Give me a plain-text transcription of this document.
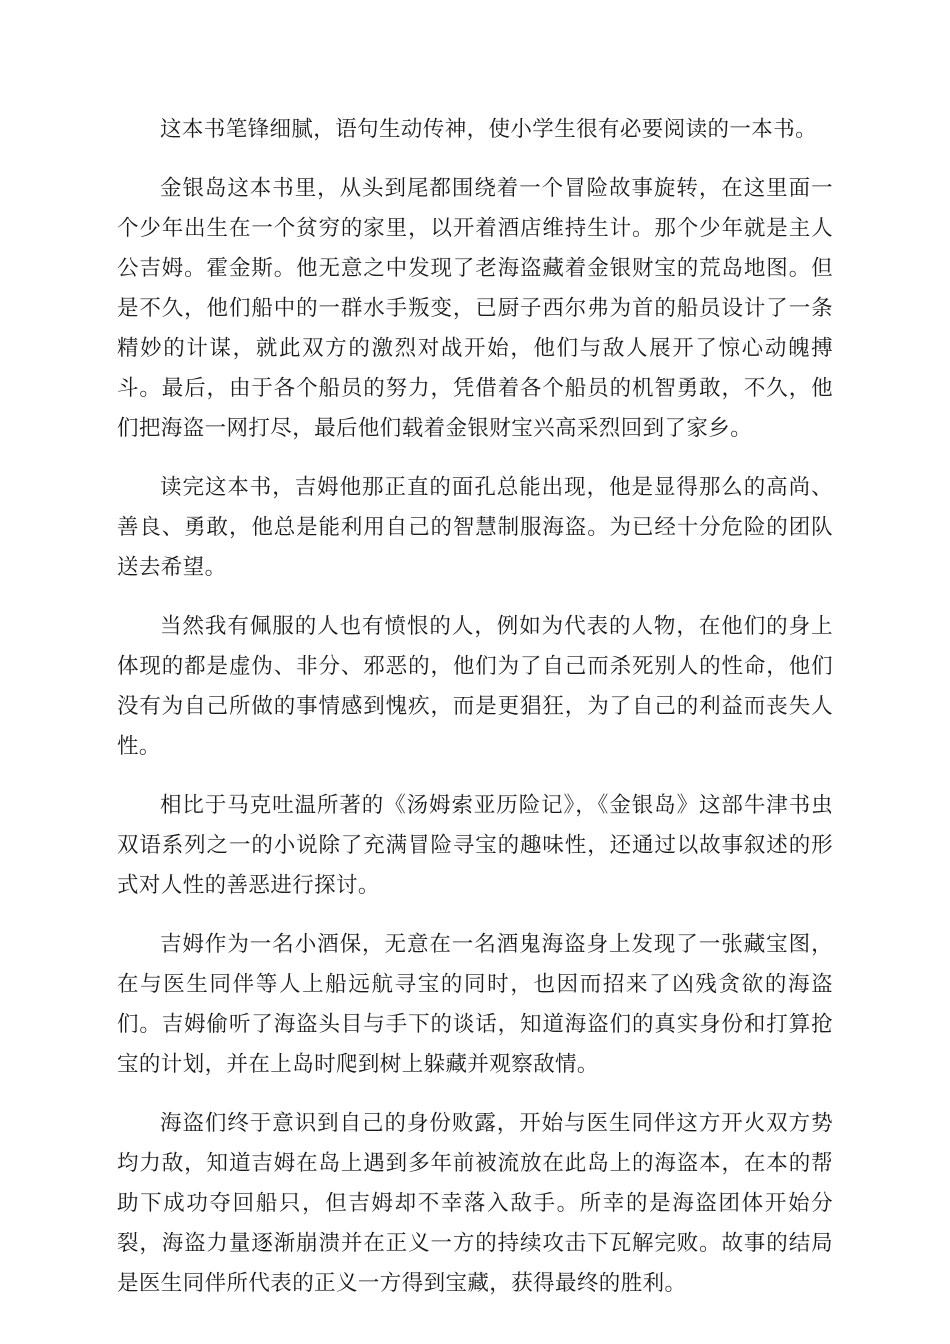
这本书笔锋细腻，语句生动传神，使小学生很有必要阅读的一本书。

金银岛这本书里，从头到尾都围绕着一个冒险故事旋转，在这里面一个少年出生在一个贫穷的家里，以开着酒店维持生计。那个少年就是主人公吉姆。霍金斯。他无意之中发现了老海盗藏着金银财宝的荒岛地图。但是不久，他们船中的一群水手叛变，已厨子西尔弗为首的船员设计了一条精妙的计谋，就此双方的激烈对战开始，他们与敌人展开了惊心动魄搏斗。最后，由于各个船员的努力，凭借着各个船员的机智勇敢，不久，他们把海盗一网打尽，最后他们载着金银财宝兴高采烈回到了家乡。

读完这本书，吉姆他那正直的面孔总能出现，他是显得那么的高尚、善良、勇敢，他总是能利用自己的智慧制服海盗。为已经十分危险的团队送去希望。

当然我有佩服的人也有愤恨的人，例如为代表的人物，在他们的身上体现的都是虚伪、非分、邪恶的，他们为了自己而杀死别人的性命，他们没有为自己所做的事情感到愧疚，而是更猖狂，为了自己的利益而丧失人性。

相比于马克吐温所著的《汤姆索亚历险记》，《金银岛》这部牛津书虫双语系列之一的小说除了充满冒险寻宝的趣味性，还通过以故事叙述的形式对人性的善恶进行探讨。

吉姆作为一名小酒保，无意在一名酒鬼海盗身上发现了一张藏宝图，在与医生同伴等人上船远航寻宝的同时，也因而招来了凶残贪欲的海盗们。吉姆偷听了海盗头目与手下的谈话，知道海盗们的真实身份和打算抢宝的计划，并在上岛时爬到树上躲藏并观察敌情。

海盗们终于意识到自己的身份败露，开始与医生同伴这方开火双方势均力敌，知道吉姆在岛上遇到多年前被流放在此岛上的海盗本，在本的帮助下成功夺回船只，但吉姆却不幸落入敌手。所幸的是海盗团体开始分裂，海盗力量逐渐崩溃并在正义一方的持续攻击下瓦解完败。故事的结局是医生同伴所代表的正义一方得到宝藏，获得最终的胜利。
